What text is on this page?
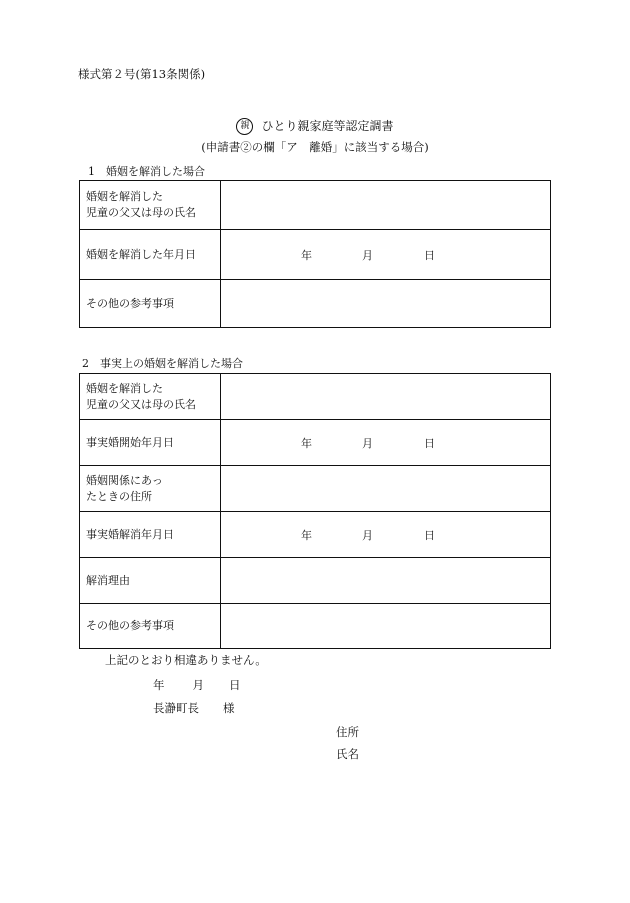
様式第２号(第13条関係)
親 ひとり親家庭等認定調書
(申請書②の欄「ア　離婚」に該当する場合)
1　婚姻を解消した場合
婚姻を解消した
児童の父又は母の氏名	

婚姻を解消した年月日	年 月 日

その他の参考事項	

2　事実上の婚姻を解消した場合
婚姻を解消した
児童の父又は母の氏名	

事実婚開始年月日	年 月 日

婚姻関係にあっ
たときの住所	

事実婚解消年月日	年 月 日

解消理由	

その他の参考事項	

上記のとおり相違ありません。
年 月 日
長瀞町長 様
住所
氏名
